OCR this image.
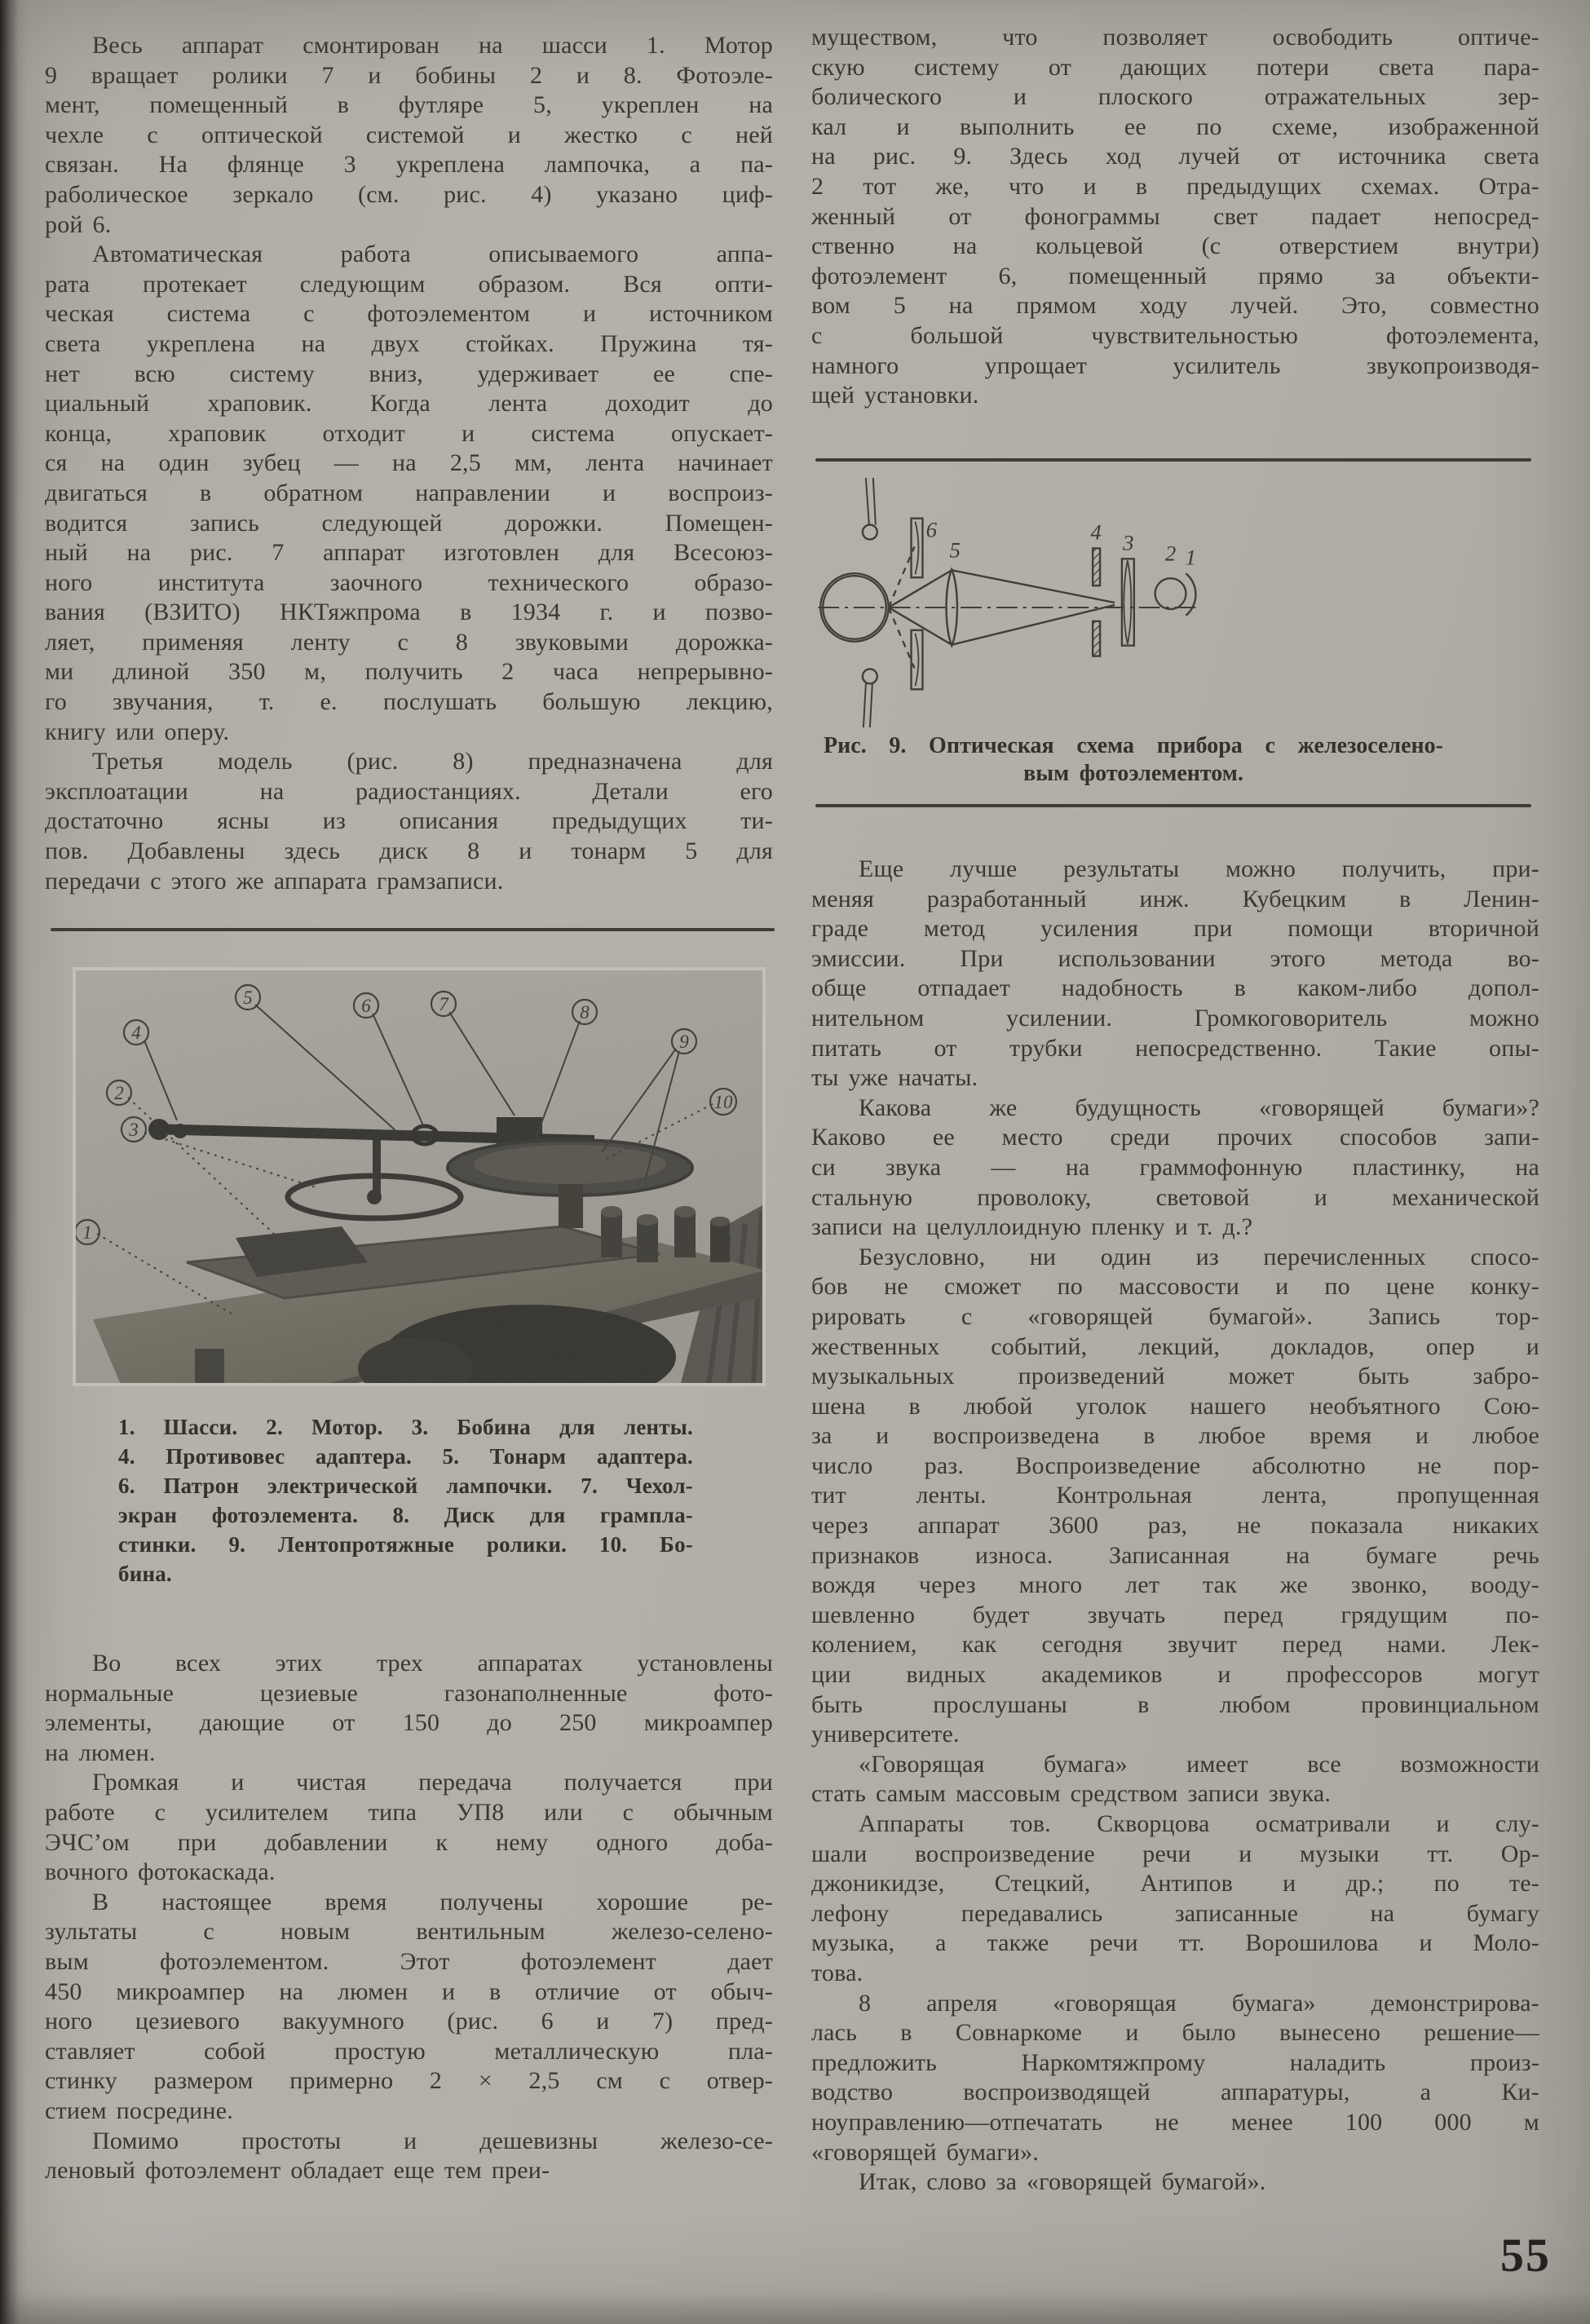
Весь аппарат смонтирован на шасси 1. Мотор
9 вращает ролики 7 и бобины 2 и 8. Фотоэле-
мент, помещенный в футляре 5, укреплен на
чехле с оптической системой и жестко с ней
связан. На флянце 3 укреплена лампочка, а па-
раболическое зеркало (см. рис. 4) указано циф-
рой 6.
Автоматическая работа описываемого аппа-
рата протекает следующим образом. Вся опти-
ческая система с фотоэлементом и источником
света укреплена на двух стойках. Пружина тя-
нет всю систему вниз, удерживает ее спе-
циальный храповик. Когда лента доходит до
конца, храповик отходит и система опускает-
ся на один зубец — на 2,5 мм, лента начинает
двигаться в обратном направлении и воспроиз-
водится запись следующей дорожки. Помещен-
ный на рис. 7 аппарат изготовлен для Всесоюз-
ного института заочного технического образо-
вания (ВЗИТО) НКТяжпрома в 1934 г. и позво-
ляет, применяя ленту с 8 звуковыми дорожка-
ми длиной 350 м, получить 2 часа непрерывно-
го звучания, т. е. послушать большую лекцию,
книгу или оперу.
Третья модель (рис. 8) предназначена для
эксплоатации на радиостанциях. Детали его
достаточно ясны из описания предыдущих ти-
пов. Добавлены здесь диск 8 и тонарм 5 для
передачи с этого же аппарата грамзаписи.
1
2
3
4
5	6	7	8
9
10
1. Шасси. 2. Мотор. 3. Бобина для ленты.
4. Противовес адаптера. 5. Тонарм адаптера.
6. Патрон электрической лампочки. 7. Чехол-
экран фотоэлемента. 8. Диск для грампла-
стинки. 9. Лентопротяжные ролики. 10. Бо-
бина.
Во всех этих трех аппаратах установлены
нормальные цезиевые газонаполненные фото-
элементы, дающие от 150 до 250 микроампер
на люмен.
Громкая и чистая передача получается при
работе с усилителем типа УП8 или с обычным
ЭЧС’ом при добавлении к нему одного доба-
вочного фотокаскада.
В настоящее время получены хорошие ре-
зультаты с новым вентильным железо-селено-
вым фотоэлементом. Этот фотоэлемент дает
450 микроампер на люмен и в отличие от обыч-
ного цезиевого вакуумного (рис. 6 и 7) пред-
ставляет собой простую металлическую пла-
стинку размером примерно 2 × 2,5 см с отвер-
стием посредине.
Помимо простоты и дешевизны железо-се-
леновый фотоэлемент обладает еще тем преи-
муществом, что позволяет освободить оптиче-
скую систему от дающих потери света пара-
болического и плоского отражательных зер-
кал и выполнить ее по схеме, изображенной
на рис. 9. Здесь ход лучей от источника света
2 тот же, что и в предыдущих схемах. Отра-
женный от фонограммы свет падает непосред-
ственно на кольцевой (с отверстием внутри)
фотоэлемент 6, помещенный прямо за объекти-
вом 5 на прямом ходу лучей. Это, совместно
с большой чувствительностью фотоэлемента,
намного упрощает усилитель звукопроизводя-
щей установки.
6
5
4 3 2 1
Рис. 9. Оптическая схема прибора с железоселено-
вым фотоэлементом.
Еще лучше результаты можно получить, при-
меняя разработанный инж. Кубецким в Ленин-
граде метод усиления при помощи вторичной
эмиссии. При использовании этого метода во-
обще отпадает надобность в каком-либо допол-
нительном усилении. Громкоговоритель можно
питать от трубки непосредственно. Такие опы-
ты уже начаты.
Какова же будущность «говорящей бумаги»?
Каково ее место среди прочих способов запи-
си звука — на граммофонную пластинку, на
стальную проволоку, световой и механической
записи на целуллоидную пленку и т. д.?
Безусловно, ни один из перечисленных спосо-
бов не сможет по массовости и по цене конку-
рировать с «говорящей бумагой». Запись тор-
жественных событий, лекций, докладов, опер и
музыкальных произведений может быть забро-
шена в любой уголок нашего необъятного Сою-
за и воспроизведена в любое время и любое
число раз. Воспроизведение абсолютно не пор-
тит ленты. Контрольная лента, пропущенная
через аппарат 3600 раз, не показала никаких
признаков износа. Записанная на бумаге речь
вождя через много лет так же звонко, вооду-
шевленно будет звучать перед грядущим по-
колением, как сегодня звучит перед нами. Лек-
ции видных академиков и профессоров могут
быть прослушаны в любом провинциальном
университете.
«Говорящая бумага» имеет все возможности
стать самым массовым средством записи звука.
Аппараты тов. Скворцова осматривали и слу-
шали воспроизведение речи и музыки тт. Ор-
джоникидзе, Стецкий, Антипов и др.; по те-
лефону передавались записанные на бумагу
музыка, а также речи тт. Ворошилова и Моло-
това.
8 апреля «говорящая бумага» демонстрирова-
лась в Совнаркоме и было вынесено решение—
предложить Наркомтяжпрому наладить произ-
водство воспроизводящей аппаратуры, а Ки-
ноуправлению—отпечатать не менее 100 000 м
«говорящей бумаги».
Итак, слово за «говорящей бумагой».
55
